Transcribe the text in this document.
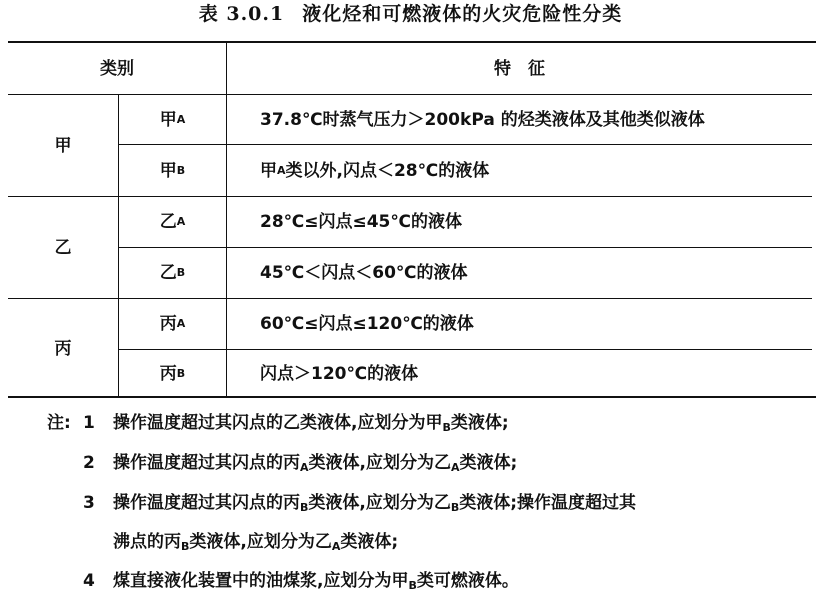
表 3.0.1 液化烃和可燃液体的火灾危险性分类
类别	特　征
甲
乙
丙
甲 A
甲 B
乙 A
乙 B
丙 A
丙 B
37.8℃时蒸气压力＞200kPa 的烃类液体及其他类似液体
甲 A 类以外,闪点＜28℃的液体
28℃≤闪点≤45℃的液体
45℃＜闪点＜60℃的液体
60℃≤闪点≤120℃的液体
闪点＞120℃的液体
注: 1 操作温度超过其闪点的乙类液体,应划分为甲$_B$类液体;
2 操作温度超过其闪点的丙$_A$类液体,应划分为乙$_A$类液体;
3 操作温度超过其闪点的丙$_B$类液体,应划分为乙$_B$类液体;操作温度超过其
沸点的丙$_B$类液体,应划分为乙$_A$类液体;
4 煤直接液化装置中的油煤浆,应划分为甲$_B$类可燃液体。
